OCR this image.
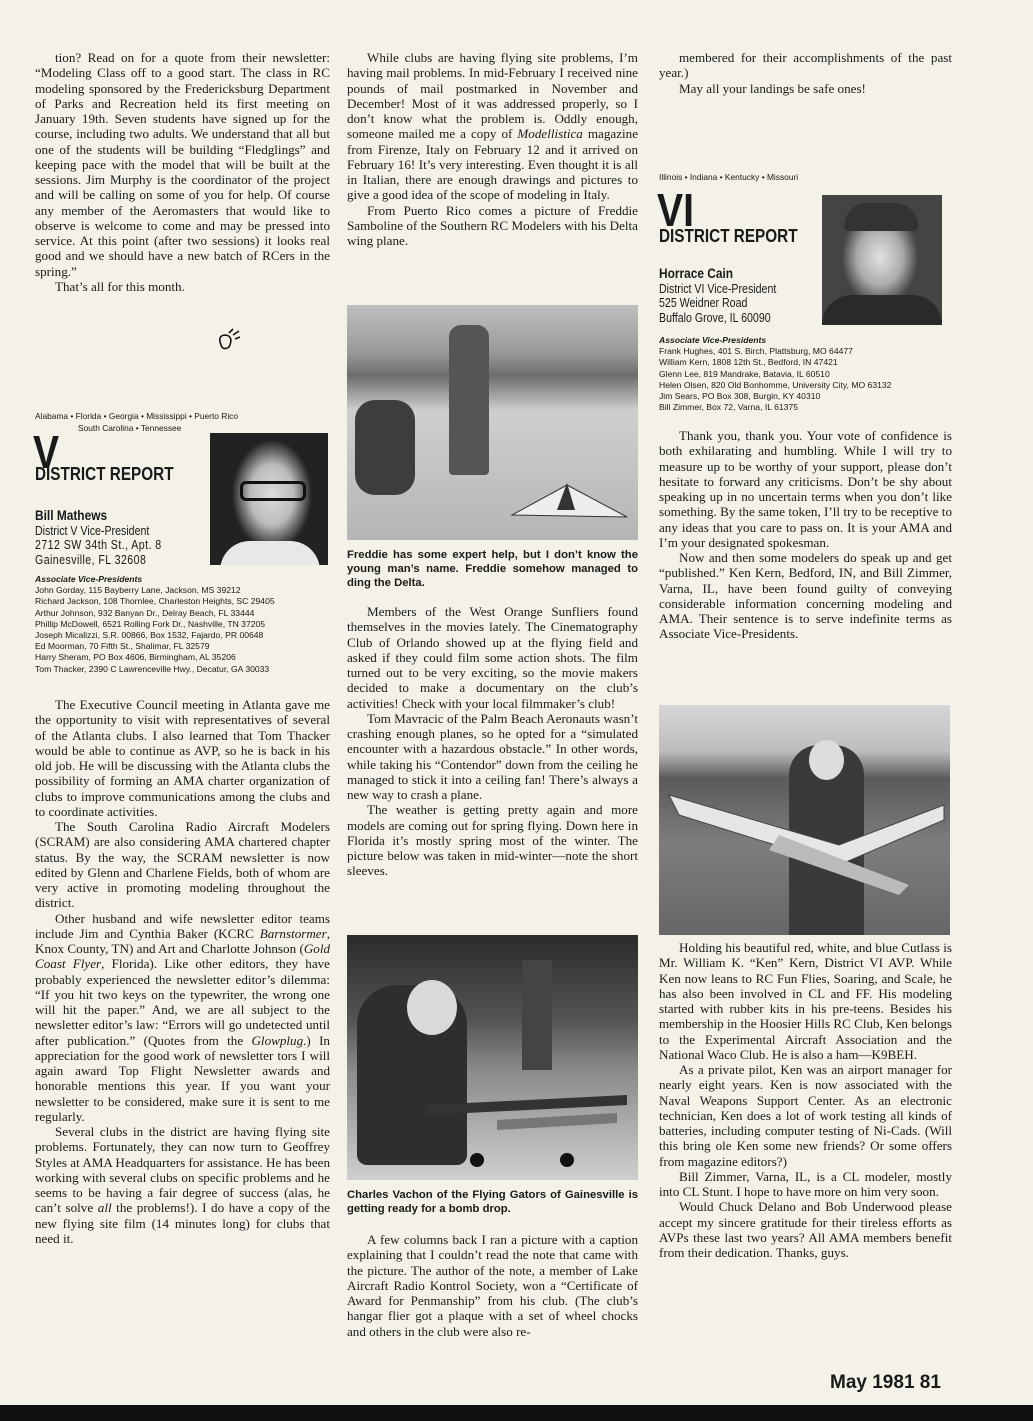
tion? Read on for a quote from their newsletter: “Modeling Class off to a good start. The class in RC modeling sponsored by the Fredericksburg Department of Parks and Recreation held its first meeting on January 19th. Seven students have signed up for the course, including two adults. We understand that all but one of the students will be building “Fledglings” and keeping pace with the model that will be built at the sessions. Jim Murphy is the coordinator of the project and will be calling on some of you for help. Of course any member of the Aeromasters that would like to observe is welcome to come and may be pressed into service. At this point (after two sessions) it looks real good and we should have a new batch of RCers in the spring.”

That’s all for this month.

Alabama • Florida • Georgia • Mississippi • Puerto Rico
South Carolina • Tennessee
V
DISTRICT REPORT
Bill Mathews
District V Vice-President
2712 SW 34th St., Apt. 8
Gainesville, FL 32608
Associate Vice-Presidents
John Gorday, 115 Bayberry Lane, Jackson, MS 39212
Richard Jackson, 108 Thornlee, Charleston Heights, SC 29405
Arthur Johnson, 932 Banyan Dr., Delray Beach, FL 33444
Phillip McDowell, 6521 Rolling Fork Dr., Nashville, TN 37205
Joseph Micalizzi, S.R. 00866, Box 1532, Fajardo, PR 00648
Ed Moorman, 70 Fifth St., Shalimar, FL 32579
Harry Sheram, PO Box 4606, Birmingham, AL 35206
Tom Thacker, 2390 C Lawrenceville Hwy., Decatur, GA 30033

The Executive Council meeting in Atlanta gave me the opportunity to visit with representatives of several of the Atlanta clubs. I also learned that Tom Thacker would be able to continue as AVP, so he is back in his old job. He will be discussing with the Atlanta clubs the possibility of forming an AMA charter organization of clubs to improve communications among the clubs and to coordinate activities.

The South Carolina Radio Aircraft Modelers (SCRAM) are also considering AMA chartered chapter status. By the way, the SCRAM newsletter is now edited by Glenn and Charlene Fields, both of whom are very active in promoting modeling throughout the district.

Other husband and wife newsletter editor teams include Jim and Cynthia Baker (KCRC Barnstormer, Knox County, TN) and Art and Charlotte Johnson (Gold Coast Flyer, Florida). Like other editors, they have probably experienced the newsletter editor’s dilemma: “If you hit two keys on the typewriter, the wrong one will hit the paper.” And, we are all subject to the newsletter editor’s law: “Errors will go undetected until after publication.” (Quotes from the Glowplug.) In appreciation for the good work of newsletter tors I will again award Top Flight Newsletter awards and honorable mentions this year. If you want your newsletter to be considered, make sure it is sent to me regularly.

Several clubs in the district are having flying site problems. Fortunately, they can now turn to Geoffrey Styles at AMA Headquarters for assistance. He has been working with several clubs on specific problems and he seems to be having a fair degree of success (alas, he can’t solve all the problems!). I do have a copy of the new flying site film (14 minutes long) for clubs that need it.

While clubs are having flying site problems, I’m having mail problems. In mid-February I received nine pounds of mail postmarked in November and December! Most of it was addressed properly, so I don’t know what the problem is. Oddly enough, someone mailed me a copy of Modellistica magazine from Firenze, Italy on February 12 and it arrived on February 16! It’s very interesting. Even thought it is all in Italian, there are enough drawings and pictures to give a good idea of the scope of modeling in Italy.

From Puerto Rico comes a picture of Freddie Samboline of the Southern RC Modelers with his Delta wing plane.

Freddie has some expert help, but I don’t know the young man’s name. Freddie somehow managed to ding the Delta.

Members of the West Orange Sunfliers found themselves in the movies lately. The Cinematography Club of Orlando showed up at the flying field and asked if they could film some action shots. The film turned out to be very exciting, so the movie makers decided to make a documentary on the club’s activities! Check with your local filmmaker’s club!

Tom Mavracic of the Palm Beach Aeronauts wasn’t crashing enough planes, so he opted for a “simulated encounter with a hazardous obstacle.” In other words, while taking his “Contendor” down from the ceiling he managed to stick it into a ceiling fan! There’s always a new way to crash a plane.

The weather is getting pretty again and more models are coming out for spring flying. Down here in Florida it’s mostly spring most of the winter. The picture below was taken in mid-winter—note the short sleeves.

Charles Vachon of the Flying Gators of Gainesville is getting ready for a bomb drop.

A few columns back I ran a picture with a caption explaining that I couldn’t read the note that came with the picture. The author of the note, a member of Lake Aircraft Radio Kontrol Society, won a “Certificate of Award for Penmanship” from his club. (The club’s hangar flier got a plaque with a set of wheel chocks and others in the club were also re-

membered for their accomplishments of the past year.)

May all your landings be safe ones!

Illinois • Indiana • Kentucky • Missouri
VI
DISTRICT REPORT
Horrace Cain
District VI Vice-President
525 Weidner Road
Buffalo Grove, IL 60090
Associate Vice-Presidents
Frank Hughes, 401 S. Birch, Plattsburg, MO 64477
William Kern, 1808 12th St., Bedford, IN 47421
Glenn Lee, 819 Mandrake, Batavia, IL 60510
Helen Olsen, 820 Old Bonhomme, University City, MO 63132
Jim Sears, PO Box 308, Burgin, KY 40310
Bill Zimmer, Box 72, Varna, IL 61375

Thank you, thank you. Your vote of confidence is both exhilarating and humbling. While I will try to measure up to be worthy of your support, please don’t hesitate to forward any criticisms. Don’t be shy about speaking up in no uncertain terms when you don’t like something. By the same token, I’ll try to be receptive to any ideas that you care to pass on. It is your AMA and I’m your designated spokesman.

Now and then some modelers do speak up and get “published.” Ken Kern, Bedford, IN, and Bill Zimmer, Varna, IL, have been found guilty of conveying considerable information concerning modeling and AMA. Their sentence is to serve indefinite terms as Associate Vice-Presidents.

Holding his beautiful red, white, and blue Cutlass is Mr. William K. “Ken” Kern, District VI AVP. While Ken now leans to RC Fun Flies, Soaring, and Scale, he has also been involved in CL and FF. His modeling started with rubber kits in his pre-teens. Besides his membership in the Hoosier Hills RC Club, Ken belongs to the Experimental Aircraft Association and the National Waco Club. He is also a ham—K9BEH.

As a private pilot, Ken was an airport manager for nearly eight years. Ken is now associated with the Naval Weapons Support Center. As an electronic technician, Ken does a lot of work testing all kinds of batteries, including computer testing of Ni-Cads. (Will this bring ole Ken some new friends? Or some offers from magazine editors?)

Bill Zimmer, Varna, IL, is a CL modeler, mostly into CL Stunt. I hope to have more on him very soon.

Would Chuck Delano and Bob Underwood please accept my sincere gratitude for their tireless efforts as AVPs these last two years? All AMA members benefit from their dedication. Thanks, guys.

May 1981 81
